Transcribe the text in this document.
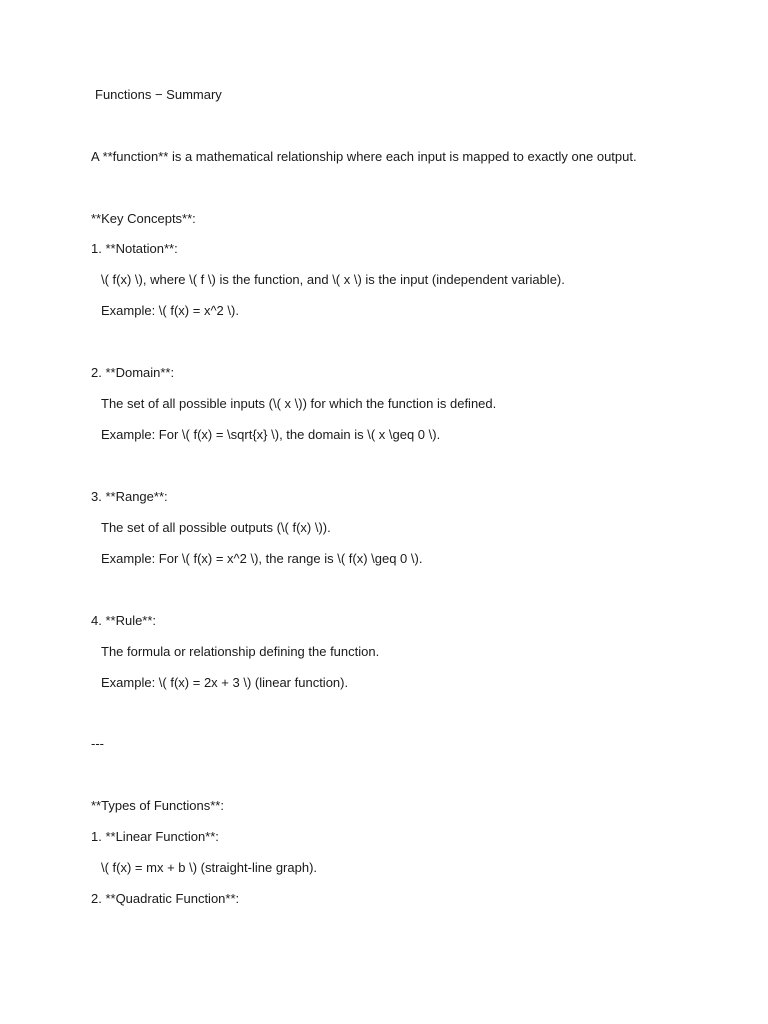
Functions − Summary
A **function** is a mathematical relationship where each input is mapped to exactly one output.
**Key Concepts**:
1. **Notation**:
\( f(x) \), where \( f \) is the function, and \( x \) is the input (independent variable).
Example: \( f(x) = x^2 \).
2. **Domain**:
The set of all possible inputs (\( x \)) for which the function is defined.
Example: For \( f(x) = \sqrt{x} \), the domain is \( x \geq 0 \).
3. **Range**:
The set of all possible outputs (\( f(x) \)).
Example: For \( f(x) = x^2 \), the range is \( f(x) \geq 0 \).
4. **Rule**:
The formula or relationship defining the function.
Example: \( f(x) = 2x + 3 \) (linear function).
---
**Types of Functions**:
1. **Linear Function**:
\( f(x) = mx + b \) (straight-line graph).
2. **Quadratic Function**:
